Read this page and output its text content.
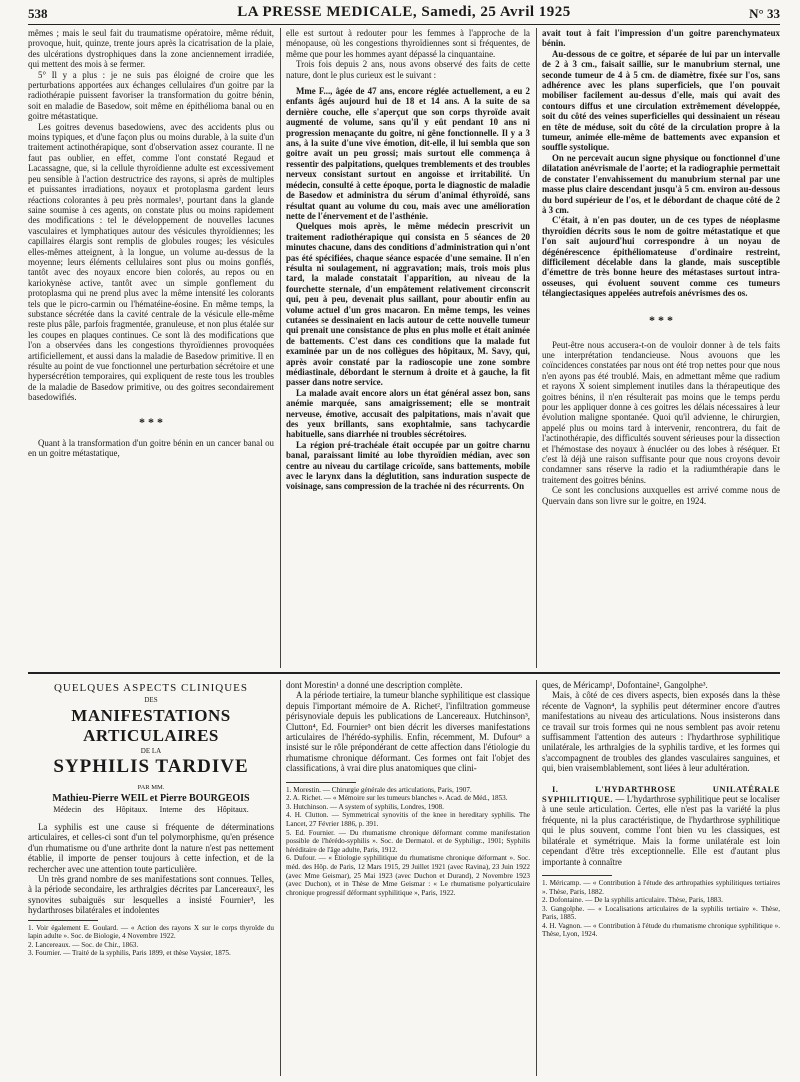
538	LA PRESSE MEDICALE, Samedi, 25 Avril 1925	N° 33

mêmes ; mais le seul fait du traumatisme opératoire, même réduit, provoque, huit, quinze, trente jours après la cicatrisation de la plaie, des ulcérations dystrophiques dans la zone anciennement irradiée, qui mettent des mois à se fermer.

5° Il y a plus : je ne suis pas éloigné de croire que les perturbations apportées aux échanges cellulaires d'un goitre par la radiothérapie puissent favoriser la transformation du goitre bénin, soit en maladie de Basedow, soit même en épithélioma banal ou en goitre métastatique.

Les goitres devenus basedowiens, avec des accidents plus ou moins typiques, et d'une façon plus ou moins durable, à la suite d'un traitement actinothérapique, sont d'observation assez courante. Il ne faut pas oublier, en effet, comme l'ont constaté Regaud et Lacassagne, que, si la cellule thyroïdienne adulte est excessivement peu sensible à l'action destructrice des rayons, si après de multiples et puissantes irradiations, noyaux et protoplasma gardent leurs réactions colorantes à peu près normales¹, pourtant dans la glande saine soumise à ces agents, on constate plus ou moins rapidement des modifications : tel le développement de nouvelles lacunes vasculaires et lymphatiques autour des vésicules thyroïdiennes; les capillaires élargis sont remplis de globules rouges; les vésicules elles-mêmes atteignent, à la longue, un volume au-dessus de la moyenne; leurs éléments cellulaires sont plus ou moins gonflés, tantôt avec des noyaux encore bien colorés, au repos ou en kariokynèse active, tantôt avec un simple gonflement du protoplasma qui ne prend plus avec la même intensité les colorants tels que le picro-carmin ou l'hématéine-éosine. En même temps, la substance sécrétée dans la cavité centrale de la vésicule elle-même reste plus pâle, parfois fragmentée, granuleuse, et non plus étalée sur les coupes en plaques continues. Ce sont là des modifications que l'on a observées dans les congestions thyroïdiennes provoquées artificiellement, et aussi dans la maladie de Basedow primitive. Il en résulte au point de vue fonctionnel une perturbation sécrétoire et une hypersécrétion temporaires, qui expliquent de reste tous les troubles de la maladie de Basedow primitive, ou des goitres secondairement basedowifiés.

* * *

Quant à la transformation d'un goitre bénin en un cancer banal ou en un goitre métastatique,

elle est surtout à redouter pour les femmes à l'approche de la ménopause, où les congestions thyroïdiennes sont si fréquentes, de même que pour les hommes ayant dépassé la cinquantaine.

Trois fois depuis 2 ans, nous avons observé des faits de cette nature, dont le plus curieux est le suivant :

Mme F..., âgée de 47 ans, encore réglée actuellement, a eu 2 enfants âgés aujourd hui de 18 et 14 ans. A la suite de sa dernière couche, elle s'aperçut que son corps thyroïde avait augmenté de volume, sans qu'il y eût pendant 10 ans ni progression menaçante du goitre, ni gêne fonctionnelle. Il y a 3 ans, à la suite d'une vive émotion, dit-elle, il lui sembla que son goitre avait un peu grossi; mais surtout elle commença à ressentir des palpitations, quelques tremblements et des troubles nerveux consistant surtout en angoisse et irritabilité. Un médecin, consulté à cette époque, porta le diagnostic de maladie de Basedow et administra du sérum d'animal éthyroïdé, sans résultat quant au volume du cou, mais avec une amélioration nette de l'énervement et de l'asthénie.

Quelques mois après, le même médecin prescrivit un traitement radiothérapique qui consista en 5 séances de 20 minutes chacune, dans des conditions d'administration qui n'ont pas été spécifiées, chaque séance espacée d'une semaine. Il n'en résulta ni soulagement, ni aggravation; mais, trois mois plus tard, la malade constatait l'apparition, au niveau de la fourchette sternale, d'un empâtement relativement circonscrit qui, peu à peu, devenait plus saillant, pour aboutir enfin au volume actuel d'un gros macaron. En même temps, les veines cutanées se dessinaient en lacis autour de cette nouvelle tumeur qui prenait une consistance de plus en plus molle et était animée de battements. C'est dans ces conditions que la malade fut examinée par un de nos collègues des hôpitaux, M. Savy, qui, après avoir constaté par la radioscopie une zone sombre médiastinale, débordant le sternum à droite et à gauche, la fit passer dans notre service.

La malade avait encore alors un état général assez bon, sans anémie marquée, sans amaigrissement; elle se montrait nerveuse, émotive, accusait des palpitations, mais n'avait que des yeux brillants, sans exophtalmie, sans tachycardie habituelle, sans diarrhée ni troubles sécrétoires.

La région pré-trachéale était occupée par un goitre charnu banal, paraissant limité au lobe thyroïdien médian, avec son centre au niveau du cartilage cricoïde, sans battements, mobile avec le larynx dans la déglutition, sans induration suspecte de voisinage, sans compression de la trachée ni des récurrents. On

avait tout à fait l'impression d'un goitre parenchymateux bénin.

Au-dessous de ce goitre, et séparée de lui par un intervalle de 2 à 3 cm., faisait saillie, sur le manubrium sternal, une seconde tumeur de 4 à 5 cm. de diamètre, fixée sur l'os, sans adhérence avec les plans superficiels, que l'on pouvait mobiliser facilement au-dessus d'elle, mais qui avait des contours diffus et une circulation extrêmement développée, soit du côté des veines superficielles qui dessinaient un réseau en tête de méduse, soit du côté de la circulation propre à la tumeur, animée elle-même de battements avec expansion et souffle systolique.

On ne percevait aucun signe physique ou fonctionnel d'une dilatation anévrismale de l'aorte; et la radiographie permettait de constater l'envahissement du manubrium sternal par une masse plus claire descendant jusqu'à 5 cm. environ au-dessous du bord supérieur de l'os, et le débordant de chaque côté de 2 à 3 cm.

C'était, à n'en pas douter, un de ces types de néoplasme thyroïdien décrits sous le nom de goitre métastatique et que l'on sait aujourd'hui correspondre à un noyau de dégénérescence épithéliomateuse d'ordinaire restreint, difficilement décelable dans la glande, mais susceptible d'émettre de très bonne heure des métastases surtout intra-osseuses, qui évoluent souvent comme ces tumeurs télangiectasiques appelées autrefois anévrismes des os.

* * *

Peut-être nous accusera-t-on de vouloir donner à de tels faits une interprétation tendancieuse. Nous avouons que les coïncidences constatées par nous ont été trop nettes pour que nous n'en ayons pas été troublé. Mais, en admettant même que radium et rayons X soient simplement inutiles dans la thérapeutique des goitres bénins, il n'en résulterait pas moins que le temps perdu pour les appliquer donne à ces goitres les délais nécessaires à leur évolution maligne spontanée. Quoi qu'il advienne, le chirurgien, appelé plus ou moins tard à intervenir, rencontrera, du fait de l'actinothérapie, des difficultés souvent sérieuses pour la dissection et l'hémostase des noyaux à énucléer ou des lobes à réséquer. Et c'est là déjà une raison suffisante pour que nous croyons devoir condamner sans réserve la radio et la radiumthérapie dans le traitement des goitres bénins.

Ce sont les conclusions auxquelles est arrivé comme nous de Quervain dans son livre sur le goitre, en 1924.

QUELQUES ASPECTS CLINIQUES
DES
MANIFESTATIONS ARTICULAIRES
DE LA
SYPHILIS TARDIVE
PAR MM.
Mathieu-Pierre WEIL et Pierre BOURGEOIS
Médecin des Hôpitaux. Interne des Hôpitaux.

La syphilis est une cause si fréquente de déterminations articulaires, et celles-ci sont d'un tel polymorphisme, qu'en présence d'un rhumatisme ou d'une arthrite dont la nature n'est pas nettement établie, il importe de penser toujours à cette infection, et de la rechercher avec une attention toute particulière.

Un très grand nombre de ses manifestations sont connues. Telles, à la période secondaire, les arthralgies décrites par Lancereaux², les synovites subaiguës sur lesquelles a insisté Fournier³, les hydarthroses bilatérales et indolentes

1. Voir également E. Goulard. — « Action des rayons X sur le corps thyroïde du lapin adulte ». Soc. de Biologie, 4 Novembre 1922.
2. Lancereaux. — Soc. de Chir., 1863.
3. Fournier. — Traité de la syphilis, Paris 1899, et thèse Vaysier, 1875.

dont Morestin¹ a donné une description complète.

A la période tertiaire, la tumeur blanche syphilitique est classique depuis l'important mémoire de A. Richet², l'infiltration gommeuse périsynoviale depuis les publications de Lancereaux. Hutchinson³, Clutton⁴, Ed. Fournier⁵ ont bien décrit les diverses manifestations articulaires de l'hérédo-syphilis. Enfin, récemment, M. Dufour⁶ a insisté sur le rôle prépondérant de cette affection dans l'étiologie du rhumatisme chronique déformant. Ces formes ont fait l'objet des classifications, à vrai dire plus anatomiques que clini-

1. Morestin. — Chirurgie générale des articulations, Paris, 1907.
2. A. Richet. — « Mémoire sur les tumeurs blanches ». Acad. de Méd., 1853.
3. Hutchinson. — A system of syphilis, Londres, 1908.
4. H. Clutton. — Symmetrical synovitis of the knee in hereditary syphilis. The Lancet, 27 Février 1886, p. 391.
5. Ed. Fournier. — Du rhumatisme chronique déformant comme manifestation possible de l'hérédo-syphilis ». Soc. de Dermatol. et de Syphiligr., 1901; Syphilis héréditaire de l'âge adulte, Paris, 1912.
6. Dufour. — « Étiologie syphilitique du rhumatisme chronique déformant ». Soc. méd. des Hôp. de Paris, 12 Mars 1915, 29 Juillet 1921 (avec Ravina), 23 Juin 1922 (avec Mme Geismar), 25 Mai 1923 (avec Duchon et Durand), 2 Novembre 1923 (avec Duchon), et in Thèse de Mme Geismar : « Le rhumatisme polyarticulaire chronique progressif déformant syphilitique », Paris, 1922.

ques, de Méricamp¹, Dofontaine², Gangolphe³.

Mais, à côté de ces divers aspects, bien exposés dans la thèse récente de Vagnon⁴, la syphilis peut déterminer encore d'autres manifestations au niveau des articulations. Nous insisterons dans ce travail sur trois formes qui ne nous semblent pas avoir retenu suffisamment l'attention des auteurs : l'hydarthrose syphilitique unilatérale, les arthralgies de la syphilis tardive, et les formes qui s'accompagnent de troubles des glandes vasculaires sanguines, et qui, bien vraisemblablement, sont liées à leur adultération.

I. L'HYDARTHROSE UNILATÉRALE SYPHILITIQUE. — L'hydarthrose syphilitique peut se localiser à une seule articulation. Certes, elle n'est pas la variété la plus fréquente, ni la plus caractéristique, de l'hydarthrose syphilitique qui le plus souvent, comme l'ont bien vu les classiques, est bilatérale et symétrique. Mais la forme unilatérale est loin cependant d'être très exceptionnelle. Elle est d'autant plus importante à connaître

1. Méricamp. — « Contribution à l'étude des arthropathies syphilitiques tertiaires ». Thèse, Paris, 1882.
2. Dofontaine. — De la syphilis articulaire. Thèse, Paris, 1883.
3. Gangolphe. — « Localisations articulaires de la syphilis tertiaire ». Thèse, Paris, 1885.
4. H. Vagnon. — « Contribution à l'étude du rhumatisme chronique syphilitique ». Thèse, Lyon, 1924.
